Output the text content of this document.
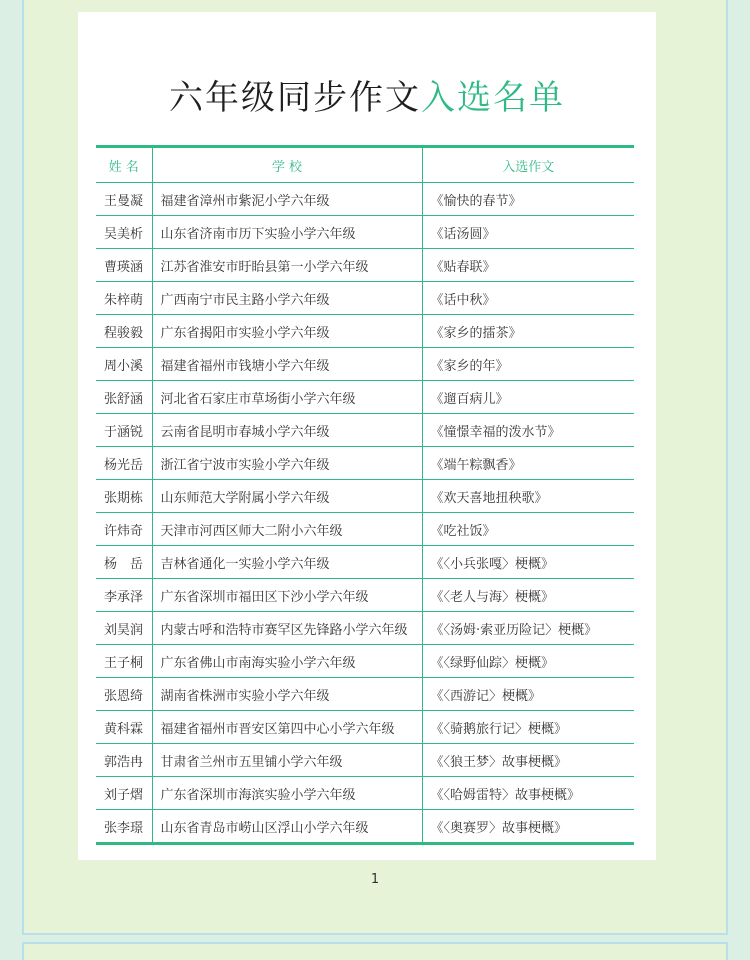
六年级同步作文入选名单
姓 名	学 校	入选作文
王曼凝	福建省漳州市紫泥小学六年级	《愉快的春节》
吴美析	山东省济南市历下实验小学六年级	《话汤圆》
曹瑛涵	江苏省淮安市盱眙县第一小学六年级	《贴春联》
朱梓萌	广西南宁市民主路小学六年级	《话中秋》
程骏毅	广东省揭阳市实验小学六年级	《家乡的擂茶》
周小溪	福建省福州市钱塘小学六年级	《家乡的年》
张舒涵	河北省石家庄市草场街小学六年级	《遛百病儿》
于涵锐	云南省昆明市春城小学六年级	《憧憬幸福的泼水节》
杨光岳	浙江省宁波市实验小学六年级	《端午粽飘香》
张期栋	山东师范大学附属小学六年级	《欢天喜地扭秧歌》
许炜奇	天津市河西区师大二附小六年级	《吃社饭》
杨　岳	吉林省通化一实验小学六年级	《〈小兵张嘎〉梗概》
李承泽	广东省深圳市福田区下沙小学六年级	《〈老人与海〉梗概》
刘昊润	内蒙古呼和浩特市赛罕区先锋路小学六年级	《〈汤姆·索亚历险记〉梗概》
王子桐	广东省佛山市南海实验小学六年级	《〈绿野仙踪〉梗概》
张恩绮	湖南省株洲市实验小学六年级	《〈西游记〉梗概》
黄科霖	福建省福州市晋安区第四中心小学六年级	《〈骑鹅旅行记〉梗概》
郭浩冉	甘肃省兰州市五里铺小学六年级	《〈狼王梦〉故事梗概》
刘子熠	广东省深圳市海滨实验小学六年级	《〈哈姆雷特〉故事梗概》
张李璟	山东省青岛市崂山区浮山小学六年级	《〈奥赛罗〉故事梗概》
1
